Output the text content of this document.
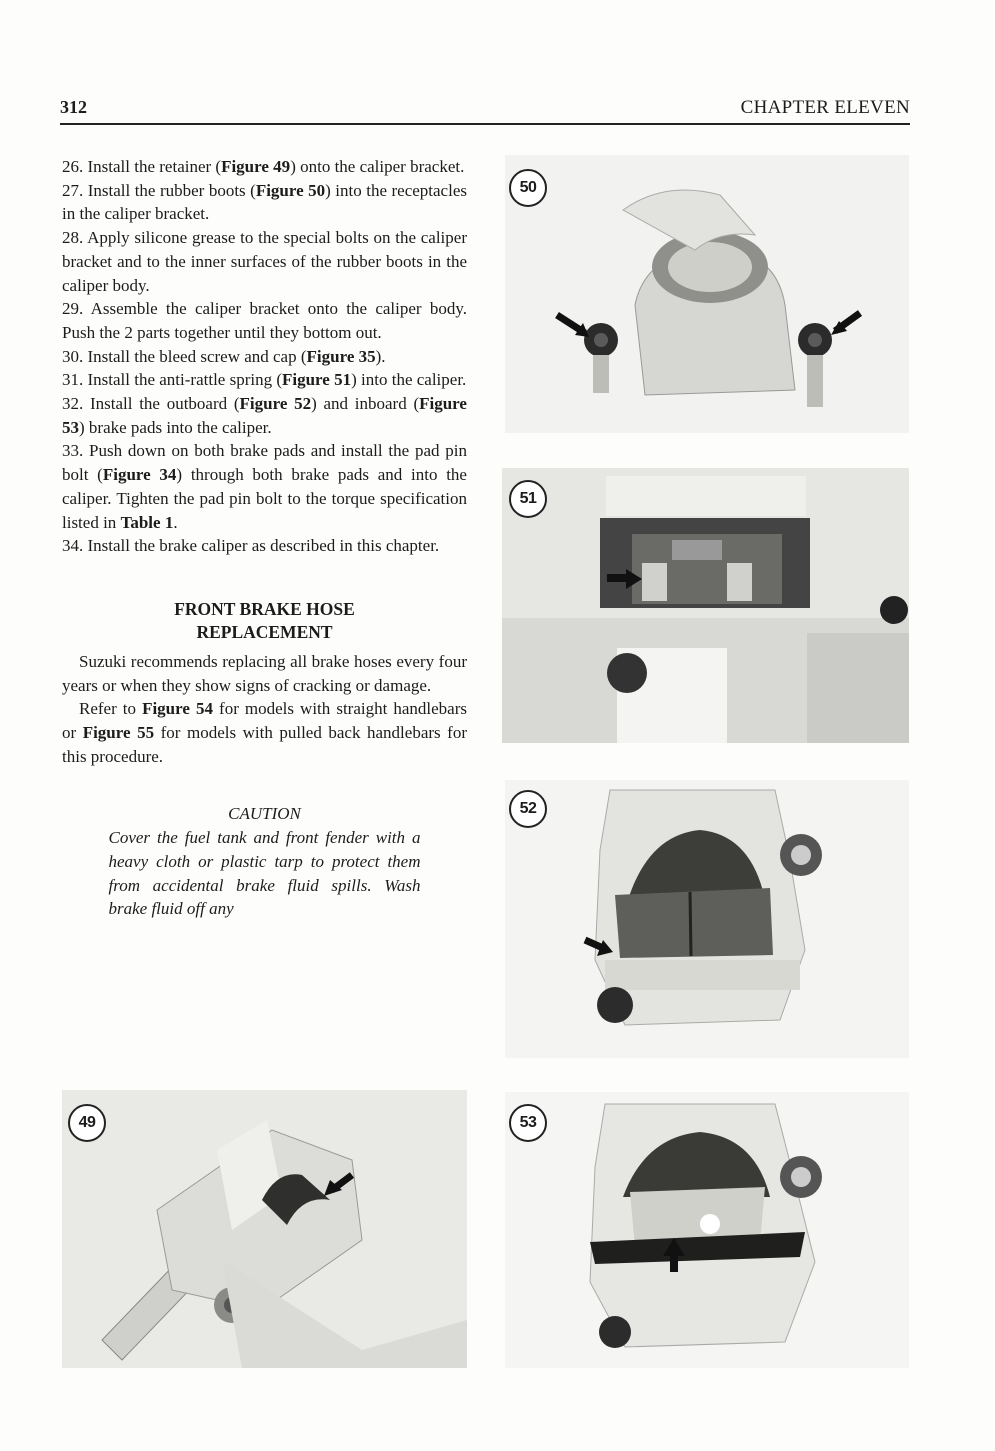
312	CHAPTER ELEVEN

26. Install the retainer (Figure 49) onto the caliper bracket.

27. Install the rubber boots (Figure 50) into the receptacles in the caliper bracket.

28. Apply silicone grease to the special bolts on the caliper bracket and to the inner surfaces of the rubber boots in the caliper body.

29. Assemble the caliper bracket onto the caliper body. Push the 2 parts together until they bottom out.

30. Install the bleed screw and cap (Figure 35).

31. Install the anti-rattle spring (Figure 51) into the caliper.

32. Install the outboard (Figure 52) and inboard (Figure 53) brake pads into the caliper.

33. Push down on both brake pads and install the pad pin bolt (Figure 34) through both brake pads and into the caliper. Tighten the pad pin bolt to the torque specification listed in Table 1.

34. Install the brake caliper as described in this chapter.

FRONT BRAKE HOSE
REPLACEMENT

Suzuki recommends replacing all brake hoses every four years or when they show signs of cracking or damage.

Refer to Figure 54 for models with straight handlebars or Figure 55 for models with pulled back handlebars for this procedure.

CAUTION

Cover the fuel tank and front fender with a heavy cloth or plastic tarp to protect them from accidental brake fluid spills. Wash brake fluid off any

50
51
52
53
49
